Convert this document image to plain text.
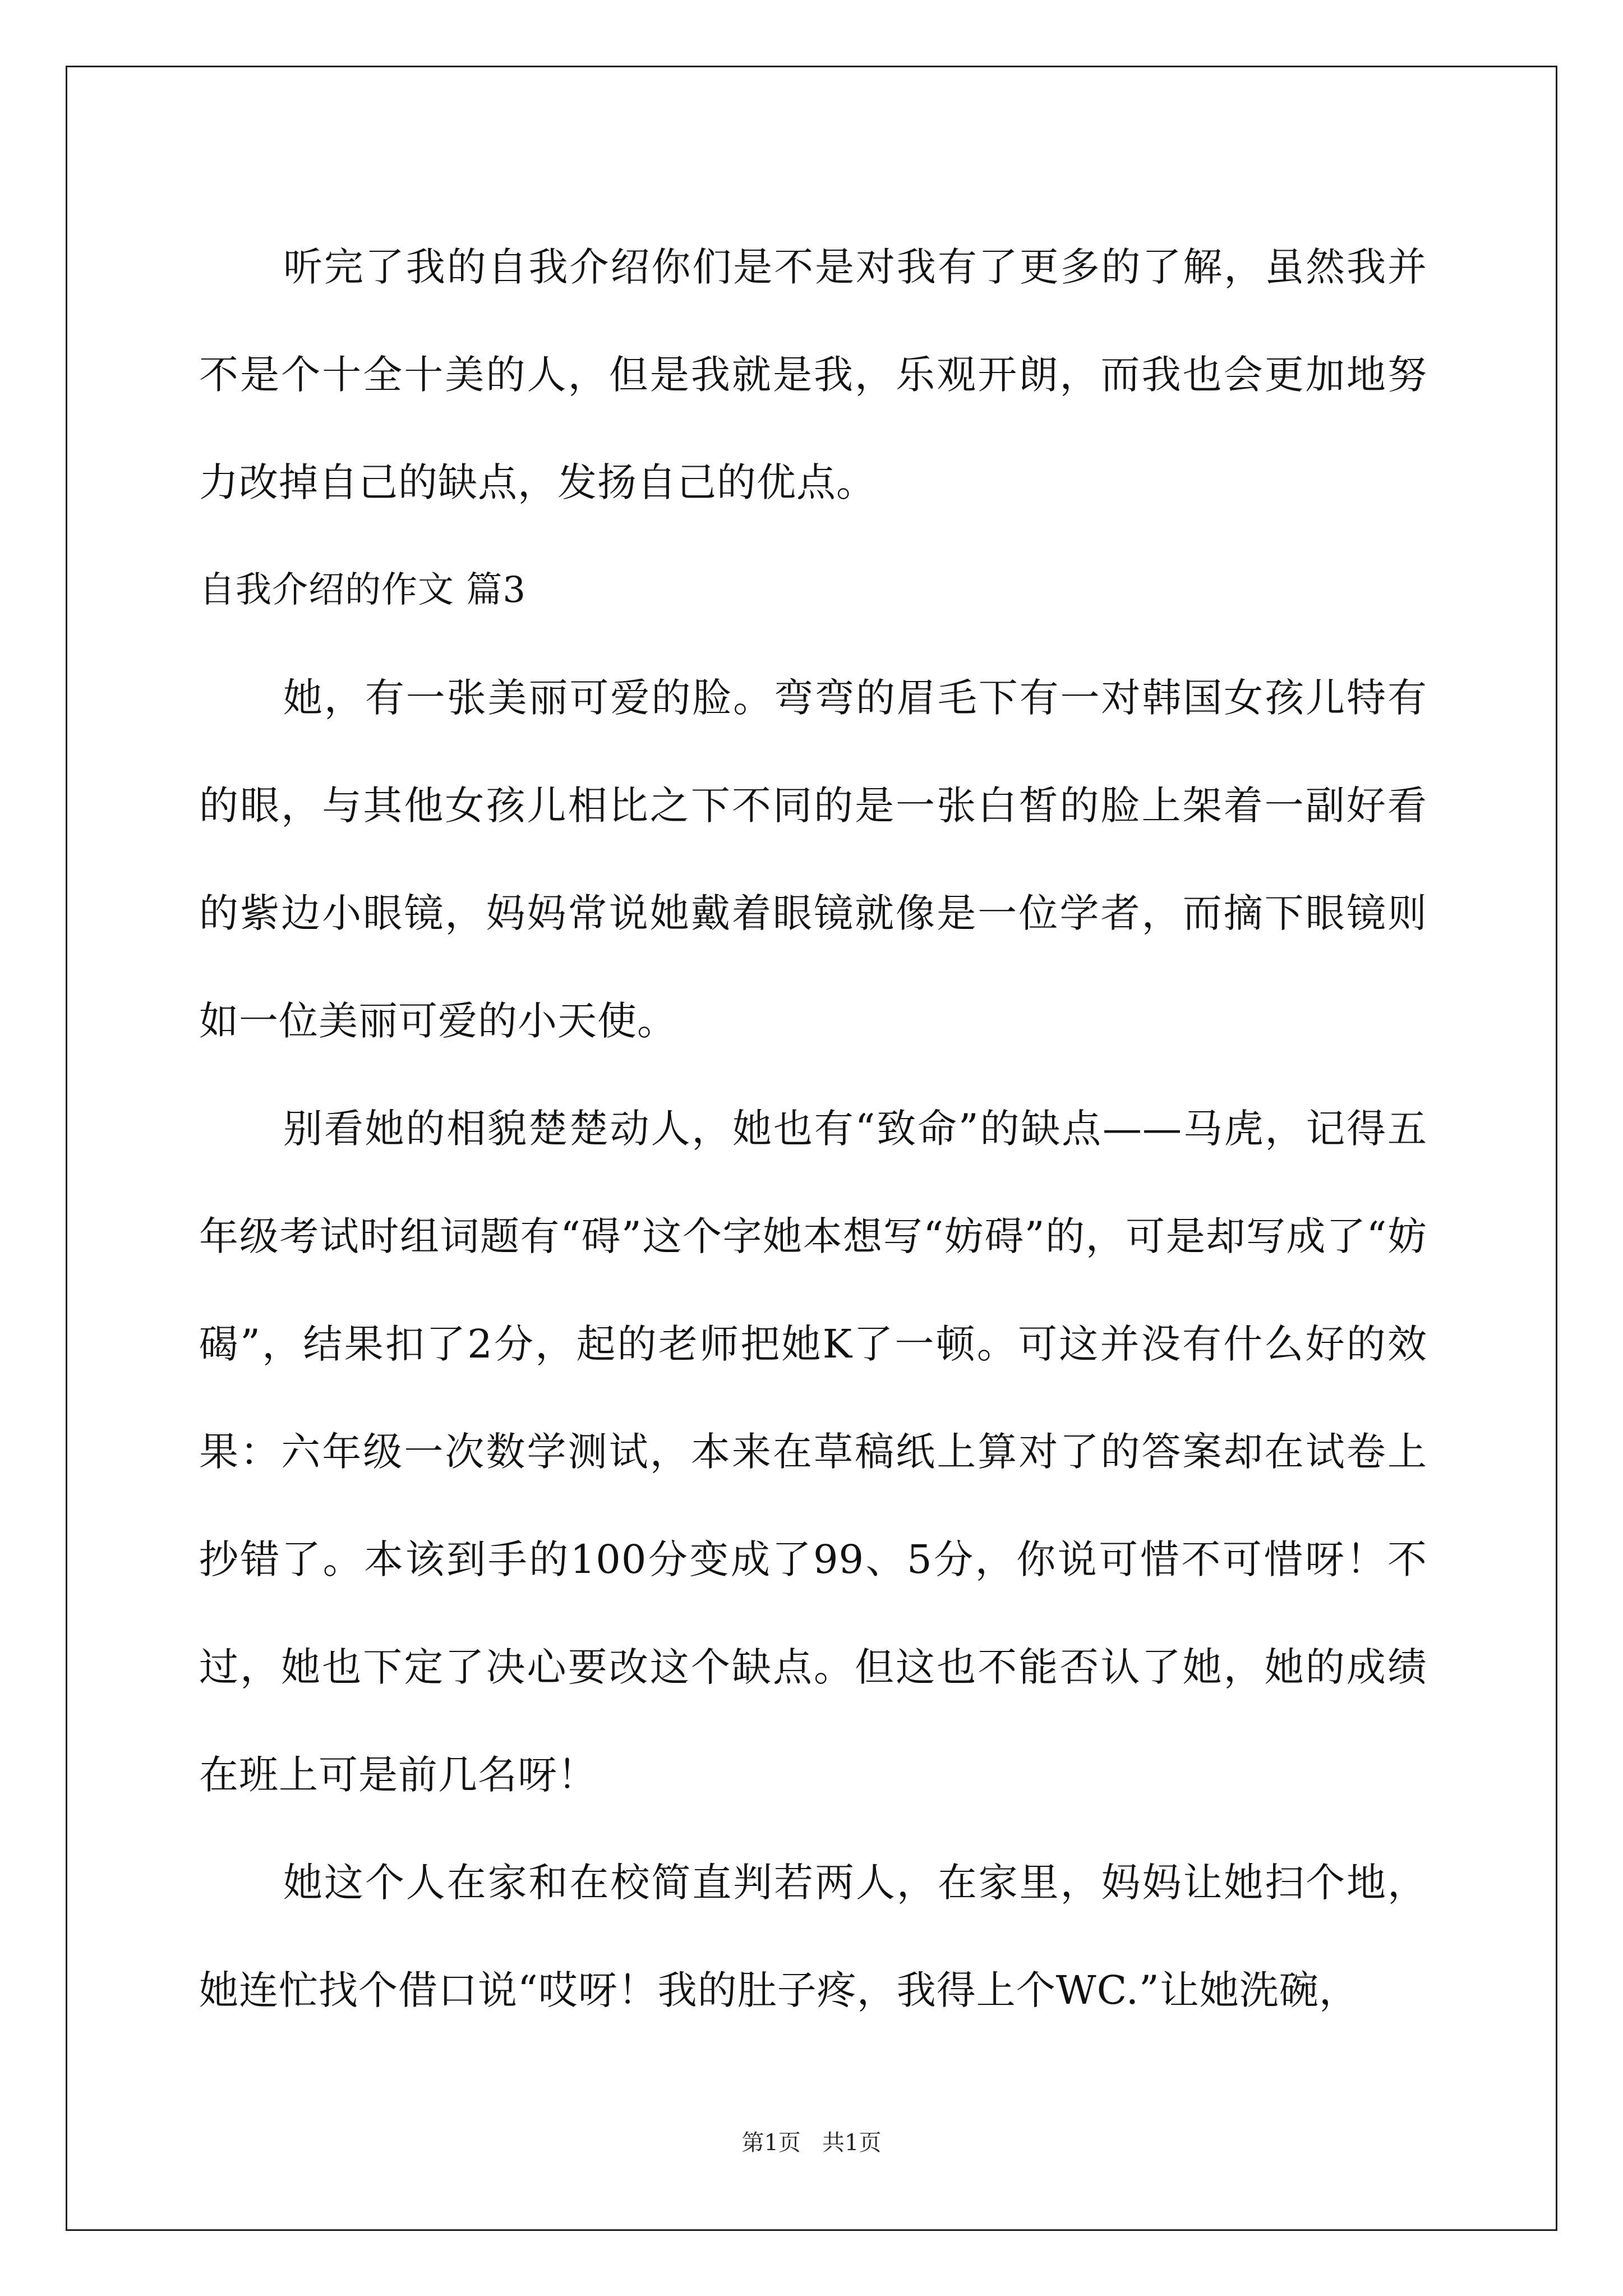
听完了我的自我介绍你们是不是对我有了更多的了解，虽然我并不是个十全十美的人，但是我就是我，乐观开朗，而我也会更加地努力改掉自己的缺点，发扬自己的优点。

自我介绍的作文 篇3

她，有一张美丽可爱的脸。弯弯的眉毛下有一对韩国女孩儿特有的眼，与其他女孩儿相比之下不同的是一张白皙的脸上架着一副好看的紫边小眼镜，妈妈常说她戴着眼镜就像是一位学者，而摘下眼镜则如一位美丽可爱的小天使。

别看她的相貌楚楚动人，她也有“致命”的缺点——马虎，记得五年级考试时组词题有“碍”这个字她本想写“妨碍”的，可是却写成了“妨碣”，结果扣了2分，起的老师把她K了一顿。可这并没有什么好的效果：六年级一次数学测试，本来在草稿纸上算对了的答案却在试卷上抄错了。本该到手的100分变成了99、5分，你说可惜不可惜呀！不过，她也下定了决心要改这个缺点。但这也不能否认了她，她的成绩在班上可是前几名呀！

她这个人在家和在校简直判若两人，在家里，妈妈让她扫个地，她连忙找个借口说“哎呀！我的肚子疼，我得上个WC.”让她洗碗，

第1页   共1页
